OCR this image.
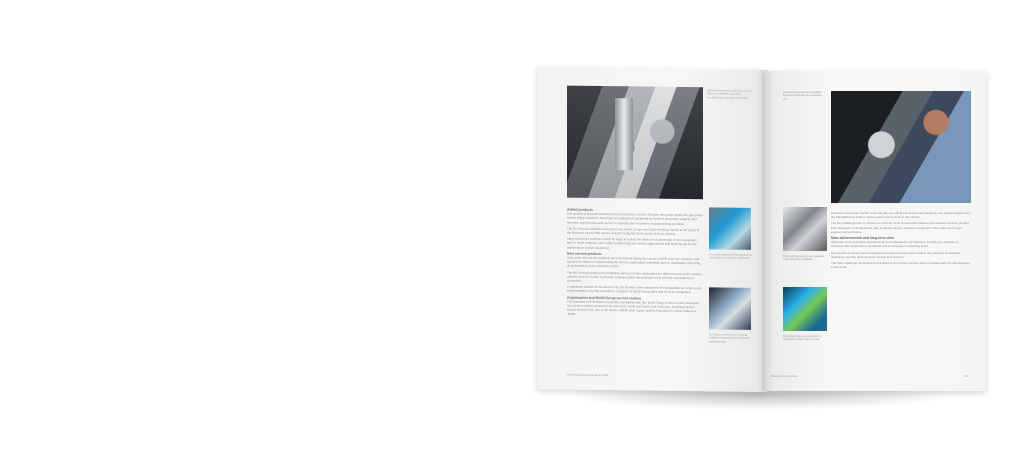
Brühl technicians use precision tools to align and maintain converting machinery for customers worldwide.
Added products

The volume of business transacted by the Business Unit BU Services has grown during the past under review. Many customers have been investing their equipment as a part of production capacity and therefore request parts and service to maintain their machines in good working condition.

The BU Services activities developed very well in Europe and North America, thanks to the group of the Business Unit to offer service solutions adapted to the needs of these markets.

Many customers continue to look for ways to reduce the total cost of ownership of their equipment and, in some instances, are ready to make long-term service agreements with Brühl Group for the maintenance of their equipment.

New service products

Only a few new service products were developed during the course of 2009 since the Business Unit focused its efforts on implementing the service organisation worldwide and on significantly improving all processes to serve customers better.

The BU Services produced a worldwide survey to better understand the different needs of the various markets served, in order to develop solutions which are perfectly in line with the expectations of customers.

A significant number of increases in the BU Services were adopted to the preparation and ship-to-site implementation of a fully integrated IT solution for Brühl Group sales and services companies.

Organization and Brühl Group service centers

The Business Unit Services is now fully operational with one Brühl Group services center worldwide. Two of them deliver services in the Americas, North and South, four in Europe, including Eastern Europe and the CIS, one in the Africa - Middle East region, and the final three in China, India and Japan.

The rapid response of BU Services is a key factor in customer satisfaction.
BU Services technicians carefully calibrate components for consistent printing quality.
32 Brühl Group Annual Report 2009
An experienced service specialist inspects equipment at a customer site.
Parts and spare parts are organised to be delivered worldwide.
Production lines are supported by dedicated service teams on site.

Activities in the Asian Pacific zone and they are still the technical manufacturing, and logistic support from the Manufacturing Units to deliver parts and services to the market.

The key challenges are to achieve an optimum level of resources between the services centers, product lines Research & Development, and technical support required to respond in best value time to get engines and worldwide.

Main achievements and long-term view

2009 saw many important achievements by the Business Unit Services, including an increase in contracts with customers in worldwide and an increase in operating profit.

New service products were introduced and improvements were made in the provision of technical assistance and the delivery times of parts and services.

The main challenge the Business Unit faces is to provide a service level of equal quality for all customers in the world.

Business Unit Services	33
